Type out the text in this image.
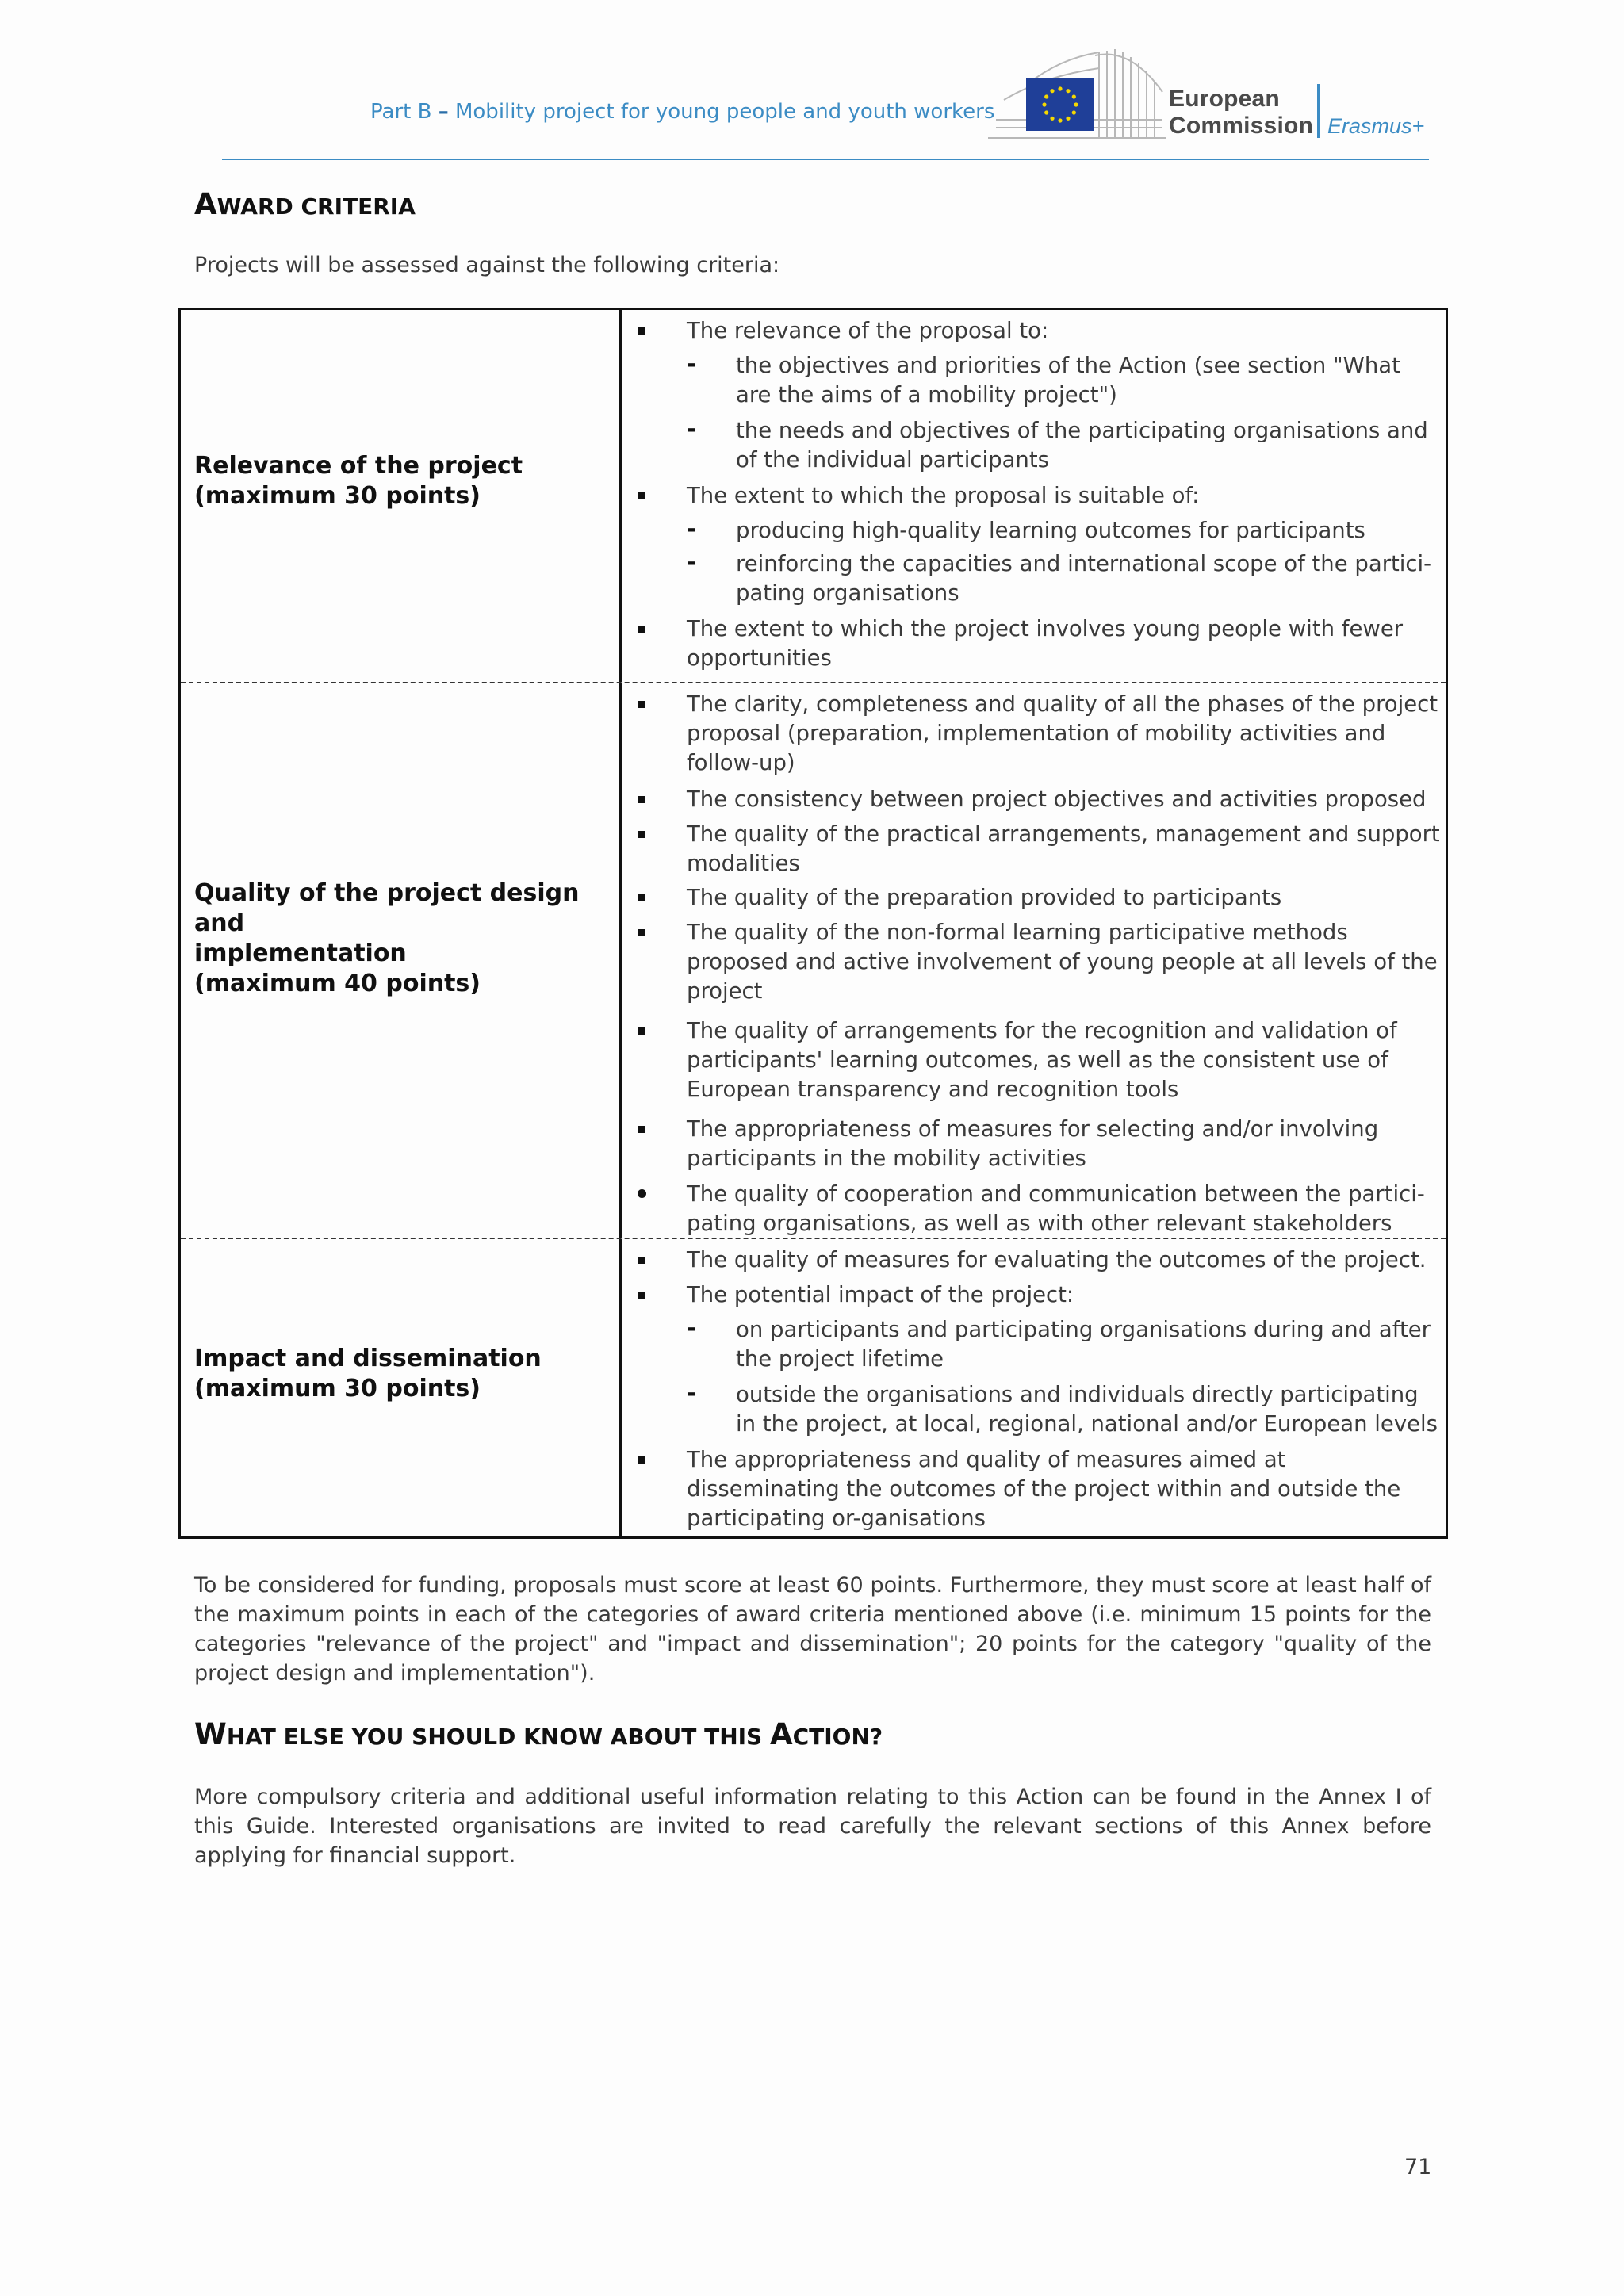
Part B – Mobility project for young people and youth workers	European
Commission Erasmus+
AWARD CRITERIA
Projects will be assessed against the following criteria:
Relevance of the project
(maximum 30 points)
The relevance of the proposal to:
- the objectives and priorities of the Action (see section "What are the aims of a mobility project")
- the needs and objectives of the participating organisations and of the individual participants
The extent to which the proposal is suitable of:
- producing high-quality learning outcomes for participants
- reinforcing the capacities and international scope of the partici-pating organisations
The extent to which the project involves young people with fewer opportunities
Quality of the project design and
implementation
(maximum 40 points)
The clarity, completeness and quality of all the phases of the project proposal (preparation, implementation of mobility activities and follow-up)
The consistency between project objectives and activities proposed
The quality of the practical arrangements, management and support modalities
The quality of the preparation provided to participants
The quality of the non-formal learning participative methods proposed and active involvement of young people at all levels of the project
The quality of arrangements for the recognition and validation of participants' learning outcomes, as well as the consistent use of European transparency and recognition tools
The appropriateness of measures for selecting and/or involving participants in the mobility activities
The quality of cooperation and communication between the partici-pating organisations, as well as with other relevant stakeholders
Impact and dissemination
(maximum 30 points)
The quality of measures for evaluating the outcomes of the project.
The potential impact of the project:
- on participants and participating organisations during and after the project lifetime
- outside the organisations and individuals directly participating in the project, at local, regional, national and/or European levels
The appropriateness and quality of measures aimed at disseminating the outcomes of the project within and outside the participating or-ganisations
To be considered for funding, proposals must score at least 60 points. Furthermore, they must score at least half of the maximum points in each of the categories of award criteria mentioned above (i.e. minimum 15 points for the categories "relevance of the project" and "impact and dissemination"; 20 points for the category "quality of the project design and implementation").
WHAT ELSE YOU SHOULD KNOW ABOUT THIS ACTION?
More compulsory criteria and additional useful information relating to this Action can be found in the Annex I of this Guide. Interested organisations are invited to read carefully the relevant sections of this Annex before applying for financial support.
71
